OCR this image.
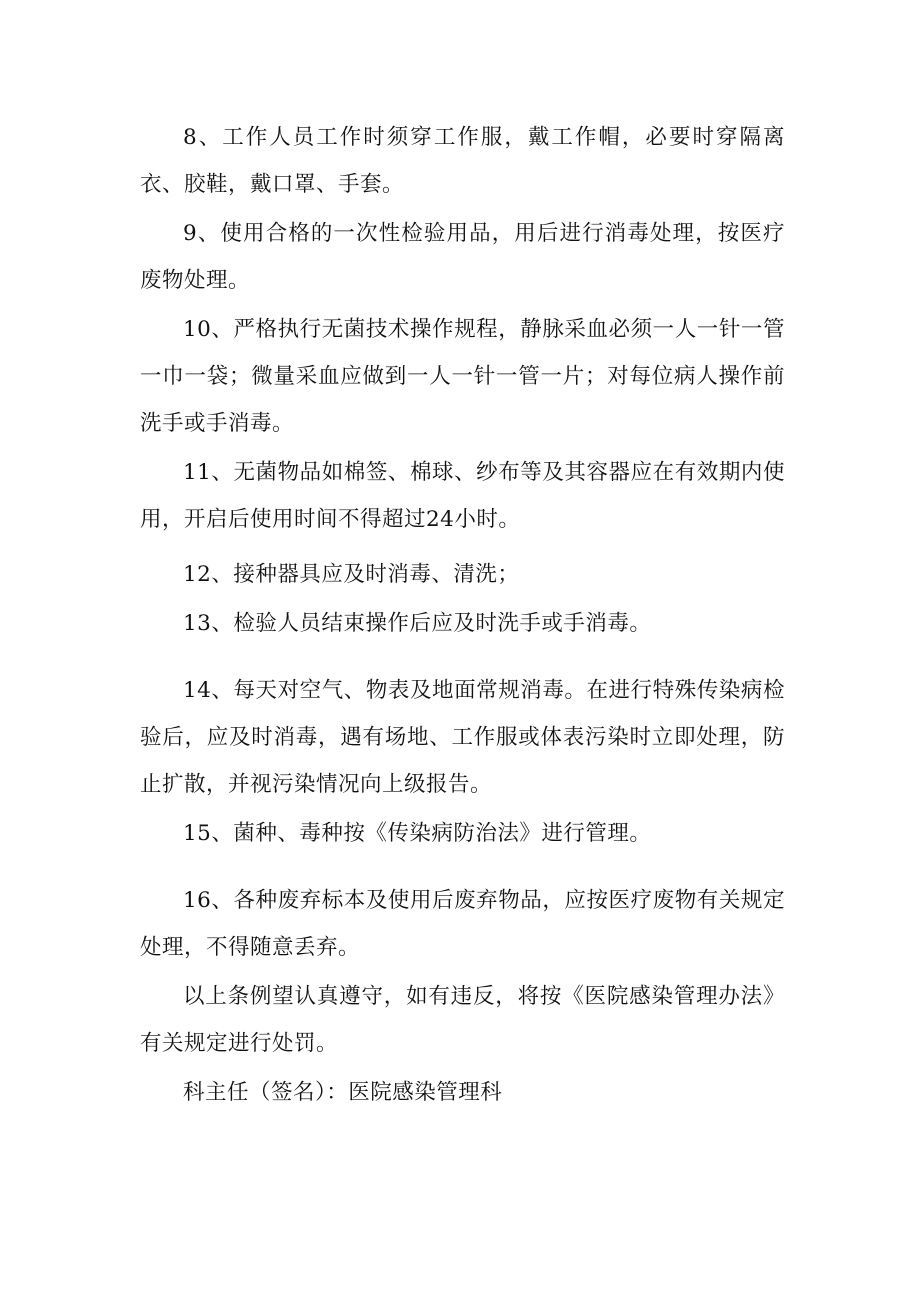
8、工作人员工作时须穿工作服，戴工作帽，必要时穿隔离衣、胶鞋，戴口罩、手套。

9、使用合格的一次性检验用品，用后进行消毒处理，按医疗废物处理。

10、严格执行无菌技术操作规程，静脉采血必须一人一针一管一巾一袋；微量采血应做到一人一针一管一片；对每位病人操作前洗手或手消毒。

11、无菌物品如棉签、棉球、纱布等及其容器应在有效期内使用，开启后使用时间不得超过24小时。

12、接种器具应及时消毒、清洗；

13、检验人员结束操作后应及时洗手或手消毒。

14、每天对空气、物表及地面常规消毒。在进行特殊传染病检验后，应及时消毒，遇有场地、工作服或体表污染时立即处理，防止扩散，并视污染情况向上级报告。

15、菌种、毒种按《传染病防治法》进行管理。

16、各种废弃标本及使用后废弃物品，应按医疗废物有关规定处理，不得随意丢弃。

以上条例望认真遵守，如有违反，将按《医院感染管理办法》有关规定进行处罚。

科主任（签名）：医院感染管理科
